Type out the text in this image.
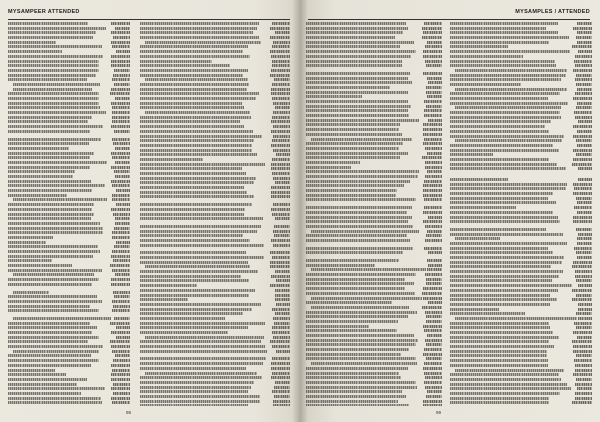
MYSAMPEER ATTENDED
98
MYSAMPLES / ATTENDED
99
